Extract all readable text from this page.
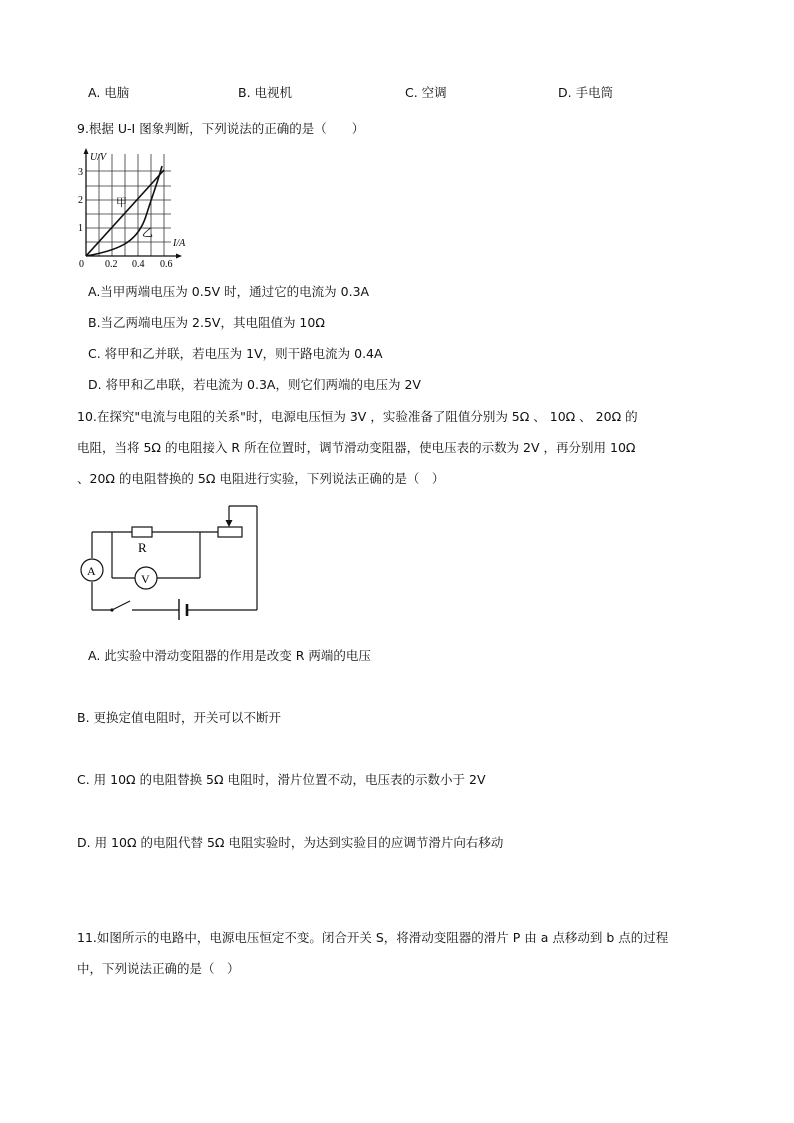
A. 电脑	B. 电视机	C. 空调	D. 手电筒
9.根据 U-I 图象判断，下列说法的正确的是（　　）
U/V
I/A
0
1
2
3
0.2 0.4 0.6
甲
乙
A.当甲两端电压为 0.5V 时，通过它的电流为 0.3A
B.当乙两端电压为 2.5V，其电阻值为 10Ω
C. 将甲和乙并联，若电压为 1V，则干路电流为 0.4A
D. 将甲和乙串联，若电流为 0.3A，则它们两端的电压为 2V
10.在探究"电流与电阻的关系"时，电源电压恒为 3V ，实验准备了阻值分别为 5Ω 、 10Ω 、 20Ω 的
电阻，当将 5Ω 的电阻接入 R 所在位置时，调节滑动变阻器，使电压表的示数为 2V ，再分别用 10Ω
、20Ω 的电阻替换的 5Ω 电阻进行实验，下列说法正确的是（　）
R
A
V
A. 此实验中滑动变阻器的作用是改变 R 两端的电压
B. 更换定值电阻时，开关可以不断开
C. 用 10Ω 的电阻替换 5Ω 电阻时，滑片位置不动，电压表的示数小于 2V
D. 用 10Ω 的电阻代替 5Ω 电阻实验时，为达到实验目的应调节滑片向右移动
11.如图所示的电路中，电源电压恒定不变。闭合开关 S，将滑动变阻器的滑片 P 由 a 点移动到 b 点的过程
中，下列说法正确的是（　）
